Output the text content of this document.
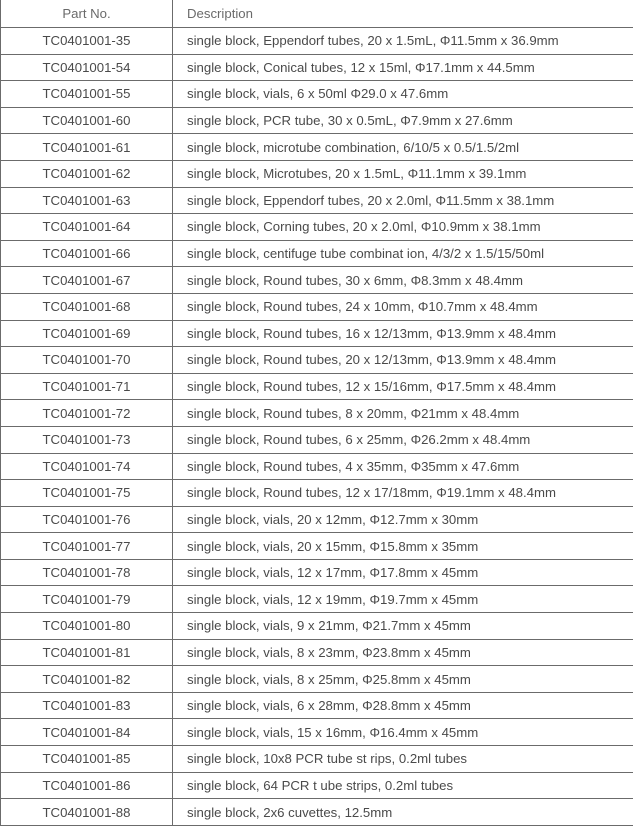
Part No.	Description
TC0401001-35	single block, Eppendorf tubes, 20 x 1.5mL, Φ11.5mm x 36.9mm
TC0401001-54	single block, Conical tubes, 12 x 15ml, Φ17.1mm x 44.5mm
TC0401001-55	single block, vials, 6 x 50ml Φ29.0 x 47.6mm
TC0401001-60	single block, PCR tube, 30 x 0.5mL, Φ7.9mm x 27.6mm
TC0401001-61	single block, microtube combination, 6/10/5 x 0.5/1.5/2ml
TC0401001-62	single block, Microtubes, 20 x 1.5mL, Φ11.1mm x 39.1mm
TC0401001-63	single block, Eppendorf tubes, 20 x 2.0ml, Φ11.5mm x 38.1mm
TC0401001-64	single block, Corning tubes, 20 x 2.0ml, Φ10.9mm x 38.1mm
TC0401001-66	single block, centifuge tube combinat ion, 4/3/2 x 1.5/15/50ml
TC0401001-67	single block, Round tubes, 30 x 6mm, Φ8.3mm x 48.4mm
TC0401001-68	single block, Round tubes, 24 x 10mm, Φ10.7mm x 48.4mm
TC0401001-69	single block, Round tubes, 16 x 12/13mm, Φ13.9mm x 48.4mm
TC0401001-70	single block, Round tubes, 20 x 12/13mm, Φ13.9mm x 48.4mm
TC0401001-71	single block, Round tubes, 12 x 15/16mm, Φ17.5mm x 48.4mm
TC0401001-72	single block, Round tubes, 8 x 20mm, Φ21mm x 48.4mm
TC0401001-73	single block, Round tubes, 6 x 25mm, Φ26.2mm x 48.4mm
TC0401001-74	single block, Round tubes, 4 x 35mm, Φ35mm x 47.6mm
TC0401001-75	single block, Round tubes, 12 x 17/18mm, Φ19.1mm x 48.4mm
TC0401001-76	single block, vials, 20 x 12mm, Φ12.7mm x 30mm
TC0401001-77	single block, vials, 20 x 15mm, Φ15.8mm x 35mm
TC0401001-78	single block, vials, 12 x 17mm, Φ17.8mm x 45mm
TC0401001-79	single block, vials, 12 x 19mm, Φ19.7mm x 45mm
TC0401001-80	single block, vials, 9 x 21mm, Φ21.7mm x 45mm
TC0401001-81	single block, vials, 8 x 23mm, Φ23.8mm x 45mm
TC0401001-82	single block, vials, 8 x 25mm, Φ25.8mm x 45mm
TC0401001-83	single block, vials, 6 x 28mm, Φ28.8mm x 45mm
TC0401001-84	single block, vials, 15 x 16mm, Φ16.4mm x 45mm
TC0401001-85	single block, 10x8 PCR tube st rips, 0.2ml tubes
TC0401001-86	single block, 64 PCR t ube strips, 0.2ml tubes
TC0401001-88	single block, 2x6 cuvettes, 12.5mm
